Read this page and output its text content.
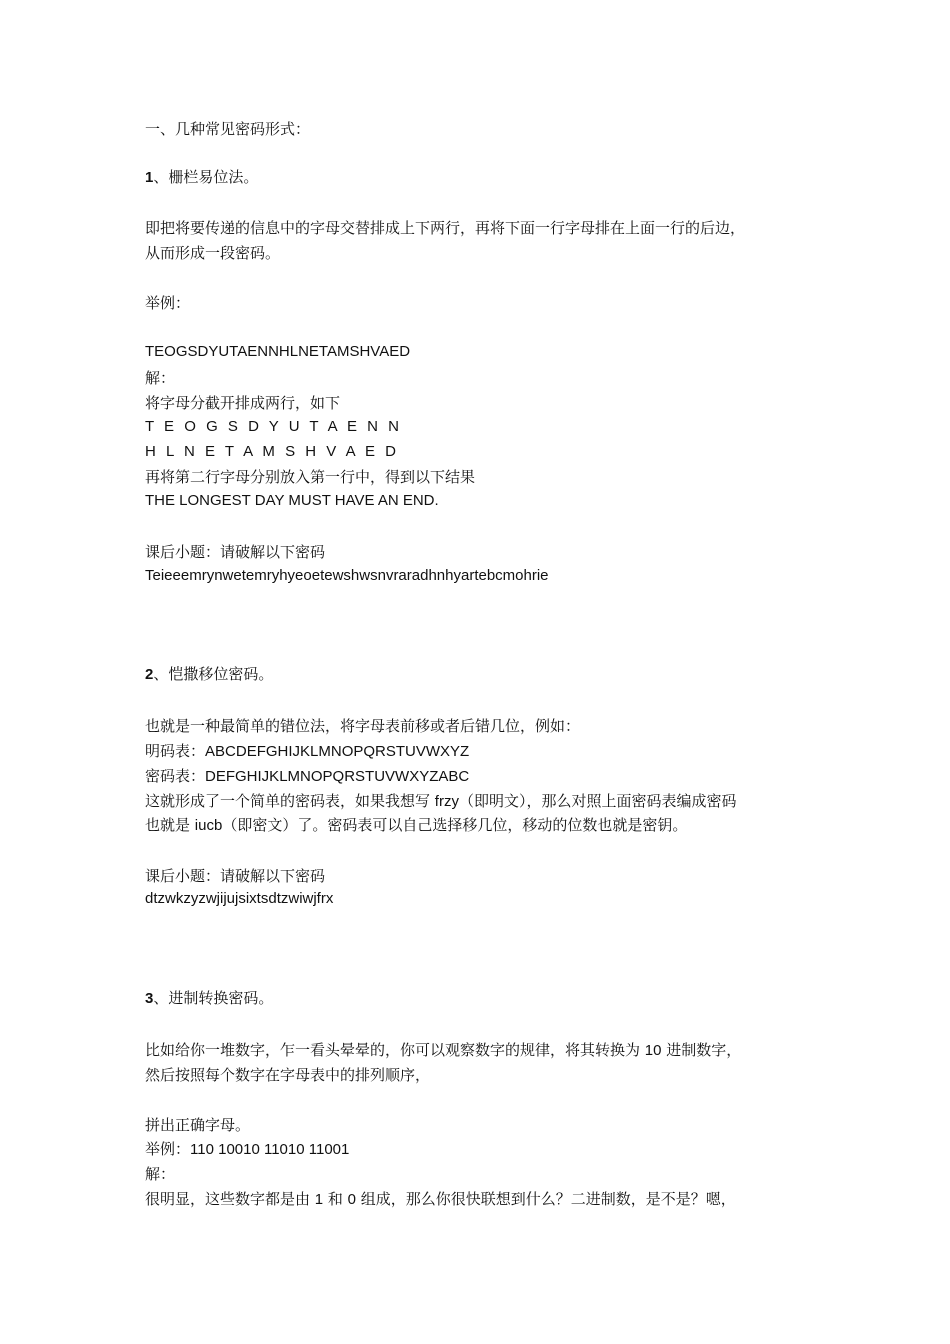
一、几种常见密码形式：

1、栅栏易位法。

即把将要传递的信息中的字母交替排成上下两行，再将下面一行字母排在上面一行的后边，

从而形成一段密码。

举例：

TEOGSDYUTAENNHLNETAMSHVAED

解：

将字母分截开排成两行，如下

T E O G S D Y U T A E N N

H L N E T A M S H V A E D

再将第二行字母分别放入第一行中，得到以下结果

THE LONGEST DAY MUST HAVE AN END.

课后小题：请破解以下密码

Teieeemrynwetemryhyeoetewshwsnvraradhnhyartebcmohrie

2、恺撒移位密码。

也就是一种最简单的错位法，将字母表前移或者后错几位，例如：

明码表：ABCDEFGHIJKLMNOPQRSTUVWXYZ

密码表：DEFGHIJKLMNOPQRSTUVWXYZABC

这就形成了一个简单的密码表，如果我想写 frzy（即明文），那么对照上面密码表编成密码

也就是 iucb（即密文）了。密码表可以自己选择移几位，移动的位数也就是密钥。

课后小题：请破解以下密码

dtzwkzyzwjijujsixtsdtzwiwjfrx

3、进制转换密码。

比如给你一堆数字，乍一看头晕晕的，你可以观察数字的规律，将其转换为 10 进制数字，

然后按照每个数字在字母表中的排列顺序，

拼出正确字母。

举例：110 10010 11010 11001

解：

很明显，这些数字都是由 1 和 0 组成，那么你很快联想到什么？二进制数，是不是？嗯，
